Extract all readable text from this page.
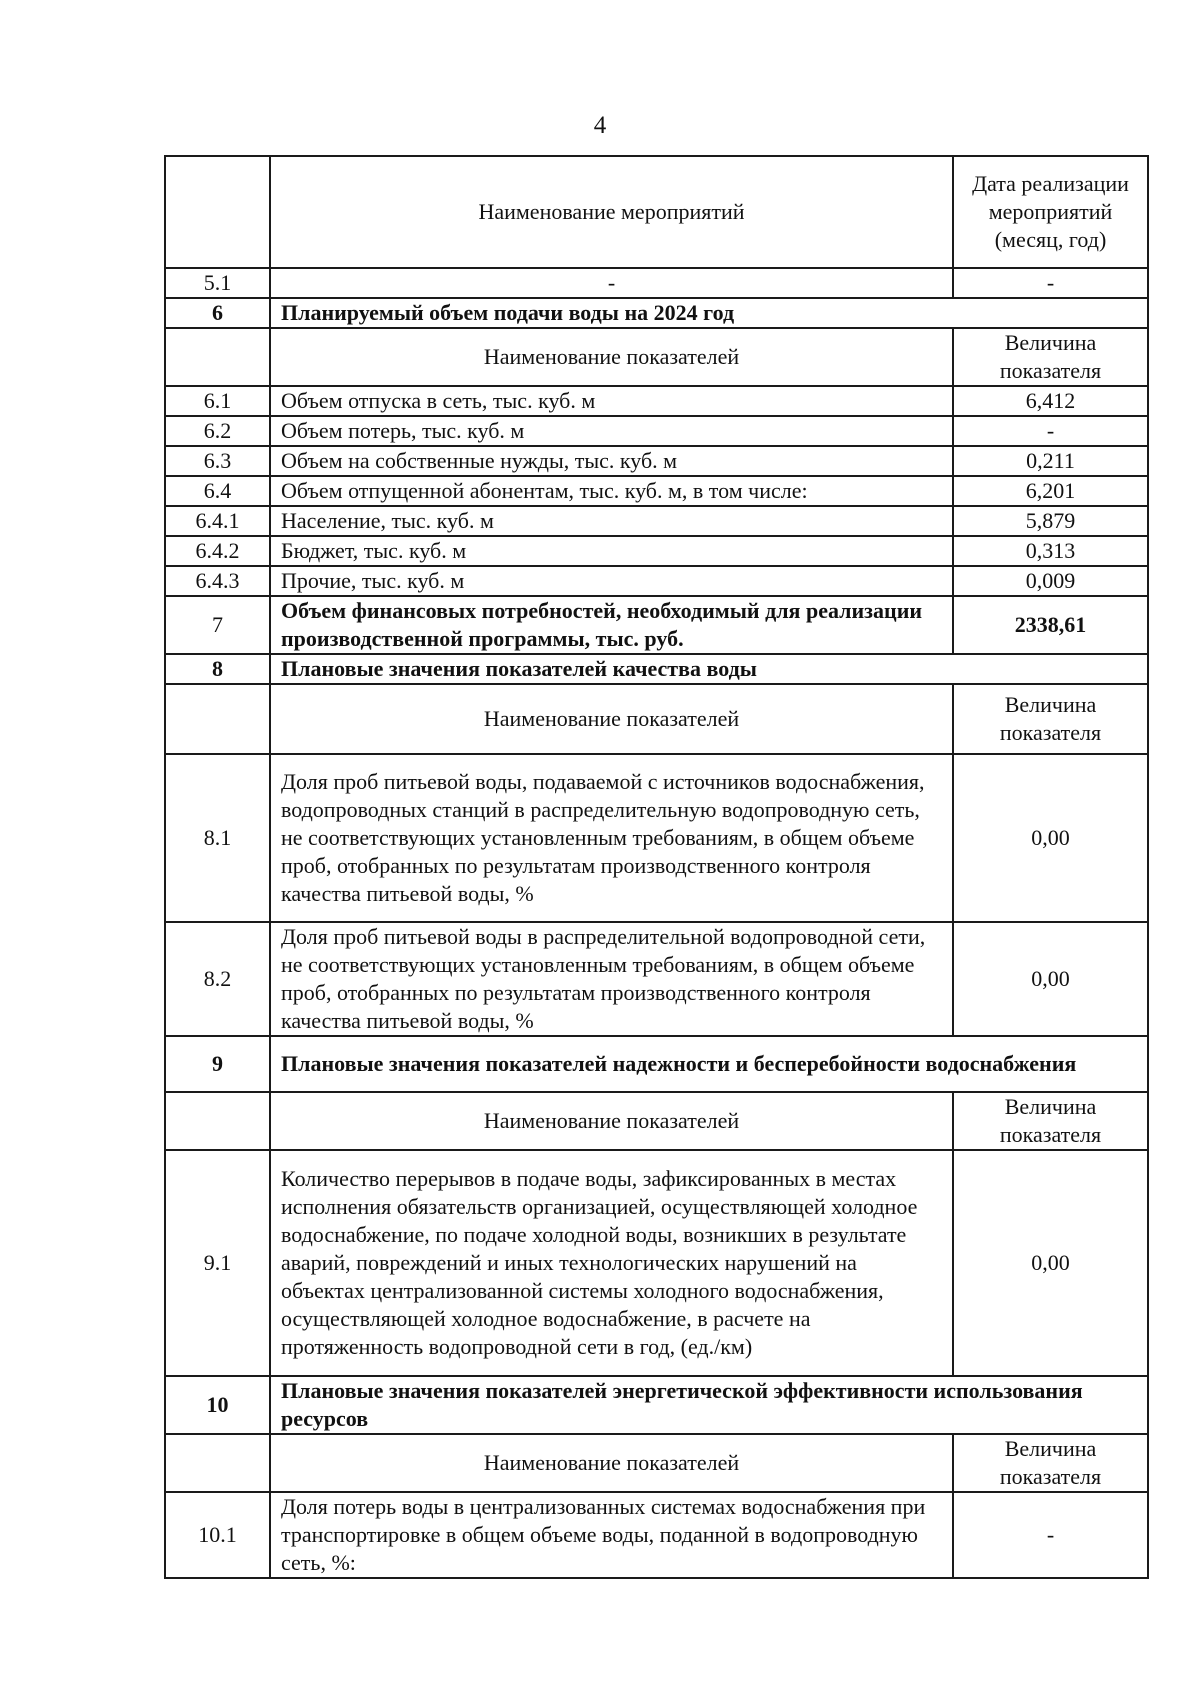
4
	Наименование мероприятий	Дата реализации мероприятий (месяц, год)
5.1	-	-
6	Планируемый объем подачи воды на 2024 год	
	Наименование показателей	Величина показателя
6.1	Объем отпуска в сеть, тыс. куб. м	6,412
6.2	Объем потерь, тыс. куб. м	-
6.3	Объем на собственные нужды, тыс. куб. м	0,211
6.4	Объем отпущенной абонентам, тыс. куб. м, в том числе:	6,201
6.4.1	Население, тыс. куб. м	5,879
6.4.2	Бюджет, тыс. куб. м	0,313
6.4.3	Прочие, тыс. куб. м	0,009
7	Объем финансовых потребностей, необходимый для реализации производственной программы, тыс. руб.	2338,61
8	Плановые значения показателей качества воды	
	Наименование показателей	Величина показателя
8.1	Доля проб питьевой воды, подаваемой с источников водоснабжения, водопроводных станций в распределительную водопроводную сеть, не соответствующих установленным требованиям, в общем объеме проб, отобранных по результатам производственного контроля качества питьевой воды, %	0,00
8.2	Доля проб питьевой воды в распределительной водопроводной сети, не соответствующих установленным требованиям, в общем объеме проб, отобранных по результатам производственного контроля качества питьевой воды, %	0,00
9	Плановые значения показателей надежности и бесперебойности водоснабжения	
	Наименование показателей	Величина показателя
9.1	Количество перерывов в подаче воды, зафиксированных в местах исполнения обязательств организацией, осуществляющей холодное водоснабжение, по подаче холодной воды, возникших в результате аварий, повреждений и иных технологических нарушений на объектах централизованной системы холодного водоснабжения, осуществляющей холодное водоснабжение, в расчете на протяженность водопроводной сети в год, (ед./км)	0,00
10	Плановые значения показателей энергетической эффективности использования ресурсов	
	Наименование показателей	Величина показателя
10.1	Доля потерь воды в централизованных системах водоснабжения при транспортировке в общем объеме воды, поданной в водопроводную сеть, %:	-
